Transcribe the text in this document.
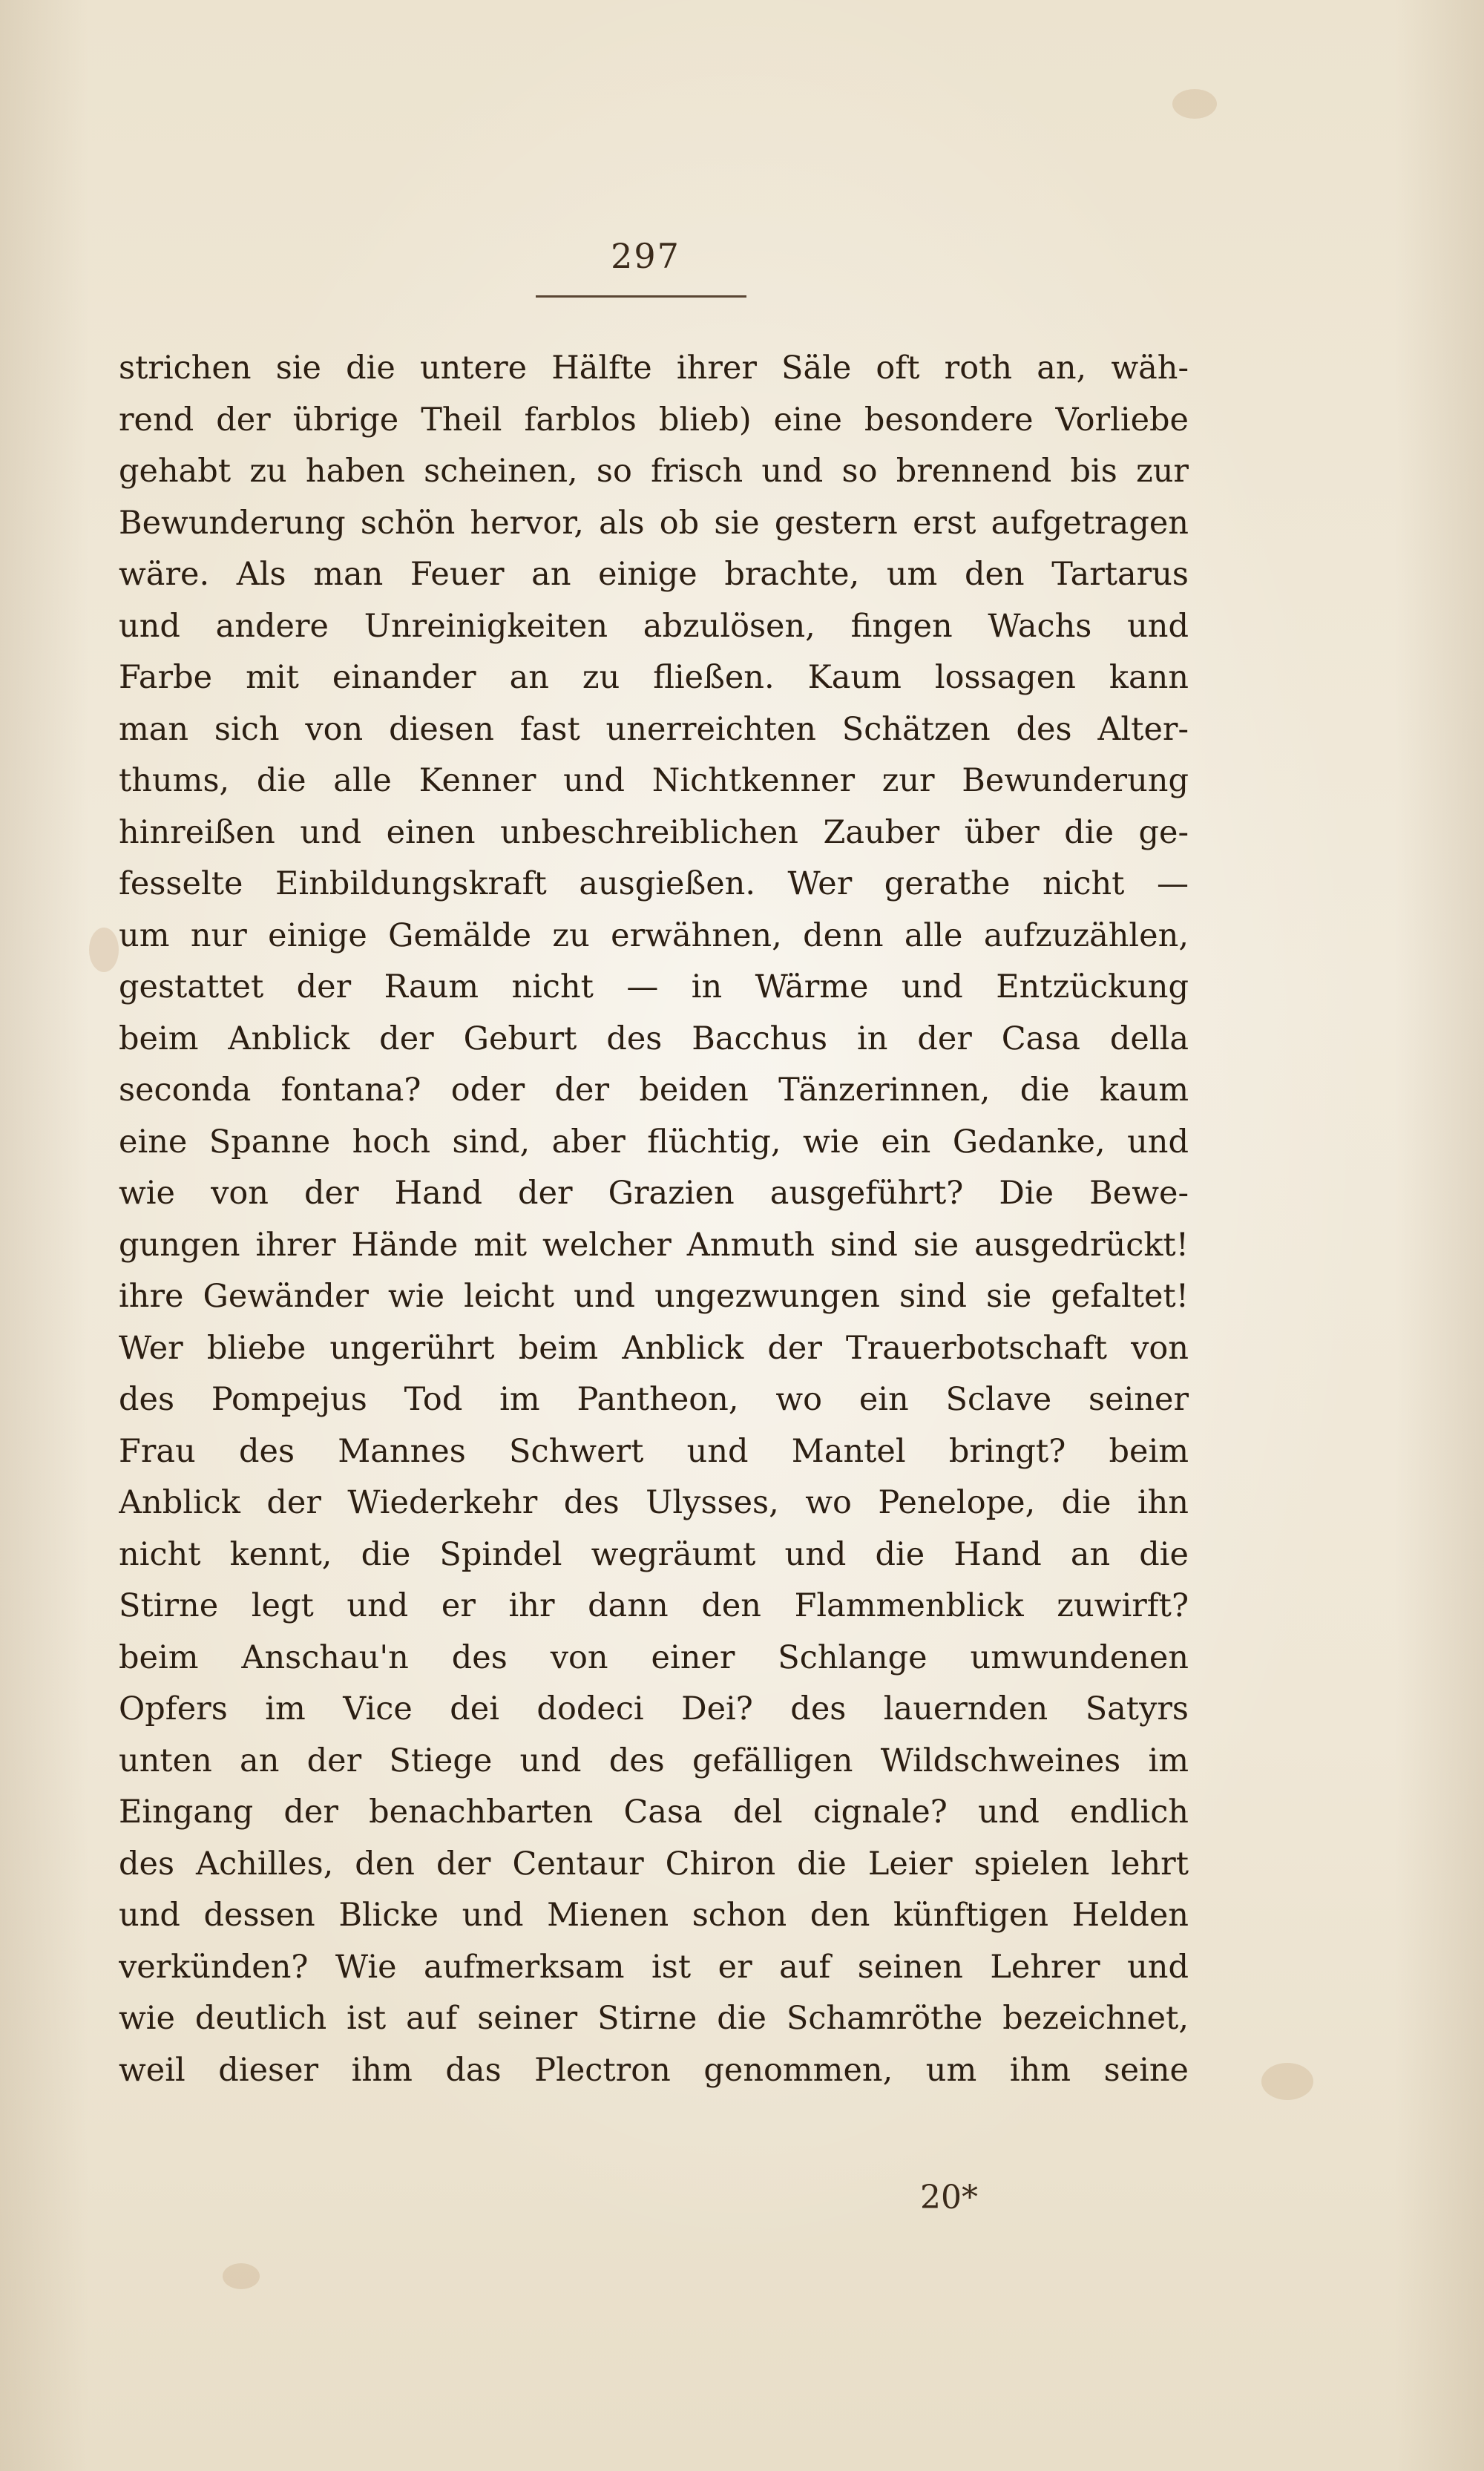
297
strichen sie die untere Hälfte ihrer Säle oft roth an, wäh-
rend der übrige Theil farblos blieb) eine besondere Vorliebe
gehabt zu haben scheinen, so frisch und so brennend bis zur
Bewunderung schön hervor, als ob sie gestern erst aufgetragen
wäre. Als man Feuer an einige brachte, um den Tartarus
und andere Unreinigkeiten abzulösen, fingen Wachs und
Farbe mit einander an zu fließen. Kaum lossagen kann
man sich von diesen fast unerreichten Schätzen des Alter-
thums, die alle Kenner und Nichtkenner zur Bewunderung
hinreißen und einen unbeschreiblichen Zauber über die ge-
fesselte Einbildungskraft ausgießen. Wer gerathe nicht —
um nur einige Gemälde zu erwähnen, denn alle aufzuzählen,
gestattet der Raum nicht — in Wärme und Entzückung
beim Anblick der Geburt des Bacchus in der Casa della
seconda fontana? oder der beiden Tänzerinnen, die kaum
eine Spanne hoch sind, aber flüchtig, wie ein Gedanke, und
wie von der Hand der Grazien ausgeführt? Die Bewe-
gungen ihrer Hände mit welcher Anmuth sind sie ausgedrückt!
ihre Gewänder wie leicht und ungezwungen sind sie gefaltet!
Wer bliebe ungerührt beim Anblick der Trauerbotschaft von
des Pompejus Tod im Pantheon, wo ein Sclave seiner
Frau des Mannes Schwert und Mantel bringt? beim
Anblick der Wiederkehr des Ulysses, wo Penelope, die ihn
nicht kennt, die Spindel wegräumt und die Hand an die
Stirne legt und er ihr dann den Flammenblick zuwirft?
beim Anschau'n des von einer Schlange umwundenen
Opfers im Vice dei dodeci Dei? des lauernden Satyrs
unten an der Stiege und des gefälligen Wildschweines im
Eingang der benachbarten Casa del cignale? und endlich
des Achilles, den der Centaur Chiron die Leier spielen lehrt
und dessen Blicke und Mienen schon den künftigen Helden
verkünden? Wie aufmerksam ist er auf seinen Lehrer und
wie deutlich ist auf seiner Stirne die Schamröthe bezeichnet,
weil dieser ihm das Plectron genommen, um ihm seine
20*
